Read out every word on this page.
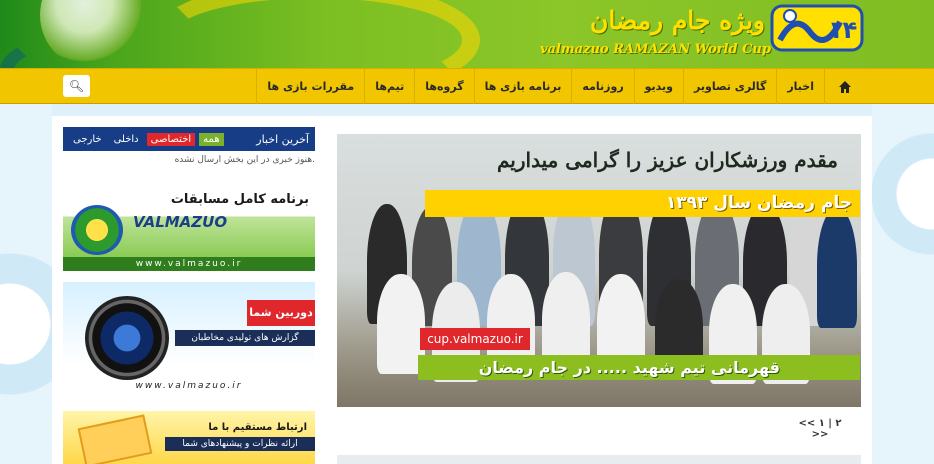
ویژه جام رمضان
valmazuo RAMAZAN World Cup
۱۴
🔍︎	اخبار
گالری تصاویر
ویدیو
روزنامه
برنامه بازی ها
گروه‌ها
تیم‌ها
مقررات بازی ها
آخرین اخبار
همه
اختصاصی
داخلی
خارجی
هنوز خبری در این بخش ارسال نشده.
برنامه کامل مسابقات
VALMAZUO
www.valmazuo.ir
دوربین شما
گزارش های تولیدی مخاطبان
www.valmazuo.ir
ارتباط مستقیم با ما
ارائه نظرات و پیشنهادهای شما
مقدم ورزشکاران عزیز را گرامی میداریم
جام رمضان سال ۱۳۹۳
cup.valmazuo.ir
قهرمانی تیم شهید ..... در جام رمضان
<< ۱ | ۲ >>
